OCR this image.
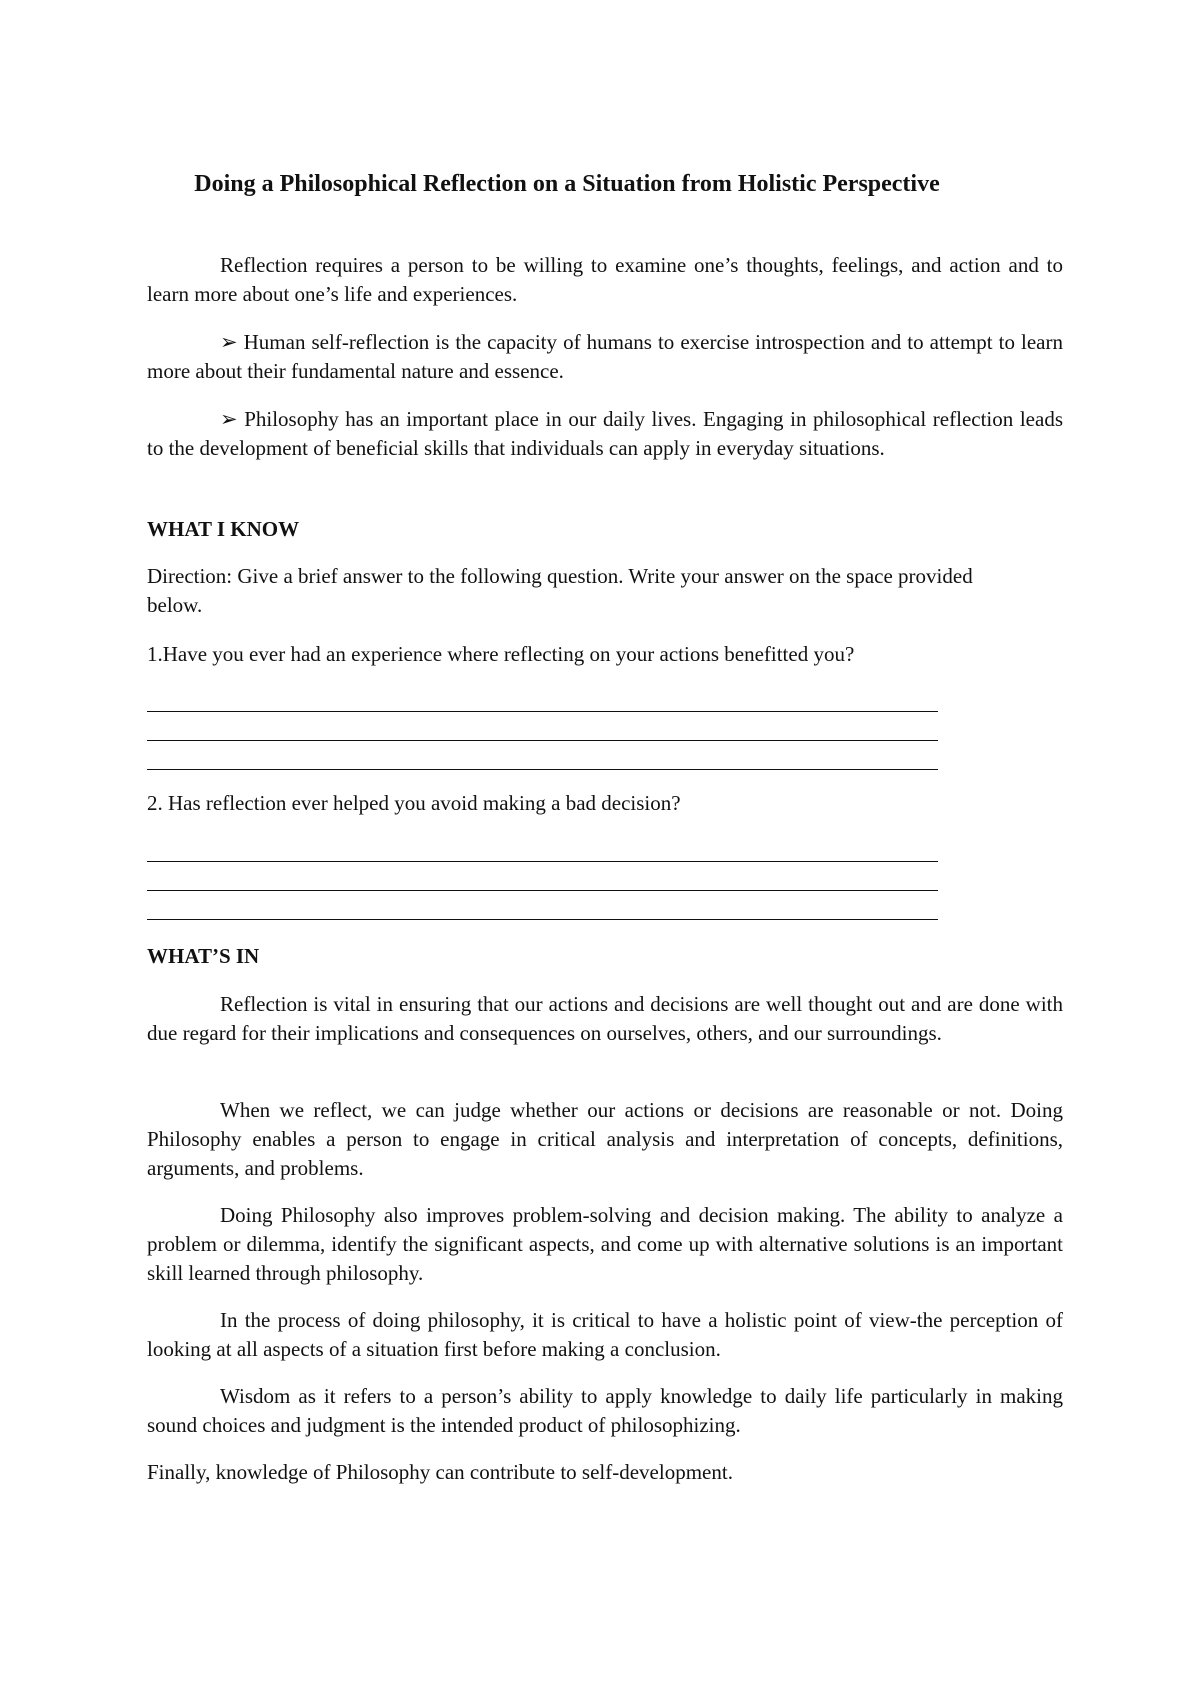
Doing a Philosophical Reflection on a Situation from Holistic Perspective

Reflection requires a person to be willing to examine one’s thoughts, feelings, and action and to learn more about one’s life and experiences.

➢ Human self-reflection is the capacity of humans to exercise introspection and to attempt to learn more about their fundamental nature and essence.

➢ Philosophy has an important place in our daily lives. Engaging in philosophical reflection leads to the development of beneficial skills that individuals can apply in everyday situations.

WHAT I KNOW

Direction: Give a brief answer to the following question. Write your answer on the space provided below.

1.Have you ever had an experience where reflecting on your actions benefitted you?

2. Has reflection ever helped you avoid making a bad decision?

WHAT’S IN

Reflection is vital in ensuring that our actions and decisions are well thought out and are done with due regard for their implications and consequences on ourselves, others, and our surroundings.

When we reflect, we can judge whether our actions or decisions are reasonable or not. Doing Philosophy enables a person to engage in critical analysis and interpretation of concepts, definitions, arguments, and problems.

Doing Philosophy also improves problem-solving and decision making. The ability to analyze a problem or dilemma, identify the significant aspects, and come up with alternative solutions is an important skill learned through philosophy.

In the process of doing philosophy, it is critical to have a holistic point of view-the perception of looking at all aspects of a situation first before making a conclusion.

Wisdom as it refers to a person’s ability to apply knowledge to daily life particularly in making sound choices and judgment is the intended product of philosophizing.

Finally, knowledge of Philosophy can contribute to self-development.
